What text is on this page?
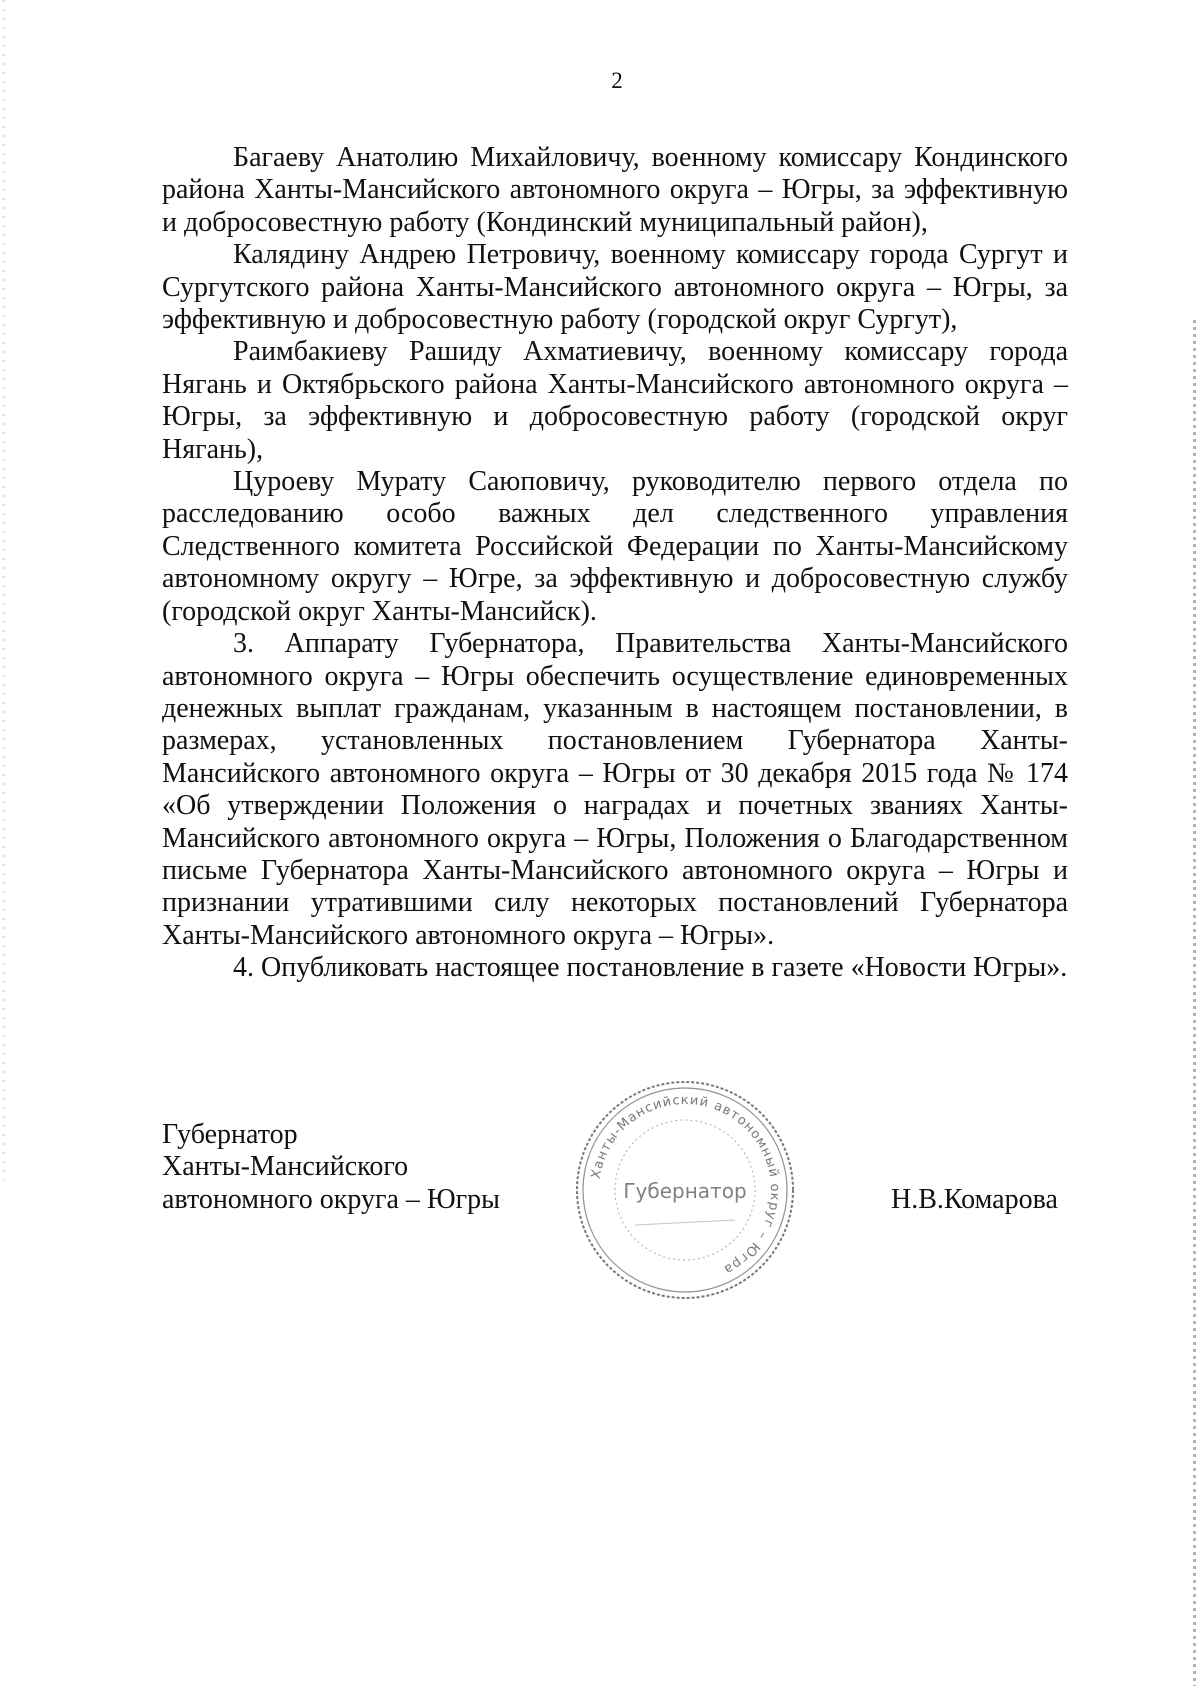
2

Багаеву Анатолию Михайловичу, военному комиссару Кондинского района Ханты-Мансийского автономного округа – Югры, за эффективную и добросовестную работу (Кондинский муниципальный район),

Калядину Андрею Петровичу, военному комиссару города Сургут и Сургутского района Ханты-Мансийского автономного округа – Югры, за эффективную и добросовестную работу (городской округ Сургут),

Раимбакиеву Рашиду Ахматиевичу, военному комиссару города Нягань и Октябрьского района Ханты-Мансийского автономного округа – Югры, за эффективную и добросовестную работу (городской округ Нягань),

Цуроеву Мурату Саюповичу, руководителю первого отдела по расследованию особо важных дел следственного управления Следственного комитета Российской Федерации по Ханты-Мансийскому автономному округу – Югре, за эффективную и добросовестную службу (городской округ Ханты-Мансийск).

3. Аппарату Губернатора, Правительства Ханты-Мансийского автономного округа – Югры обеспечить осуществление единовременных денежных выплат гражданам, указанным в настоящем постановлении, в размерах, установленных постановлением Губернатора Ханты-Мансийского автономного округа – Югры от 30 декабря 2015 года № 174 «Об утверждении Положения о наградах и почетных званиях Ханты-Мансийского автономного округа – Югры, Положения о Благодарственном письме Губернатора Ханты-Мансийского автономного округа – Югры и признании утратившими силу некоторых постановлений Губернатора Ханты-Мансийского автономного округа – Югры».

4. Опубликовать настоящее постановление в газете «Новости Югры».

Губернатор
Ханты-Мансийского
автономного округа – Югры
Ханты-Мансийский автономный округ – Югра
Губернатор	Н.В.Комарова
